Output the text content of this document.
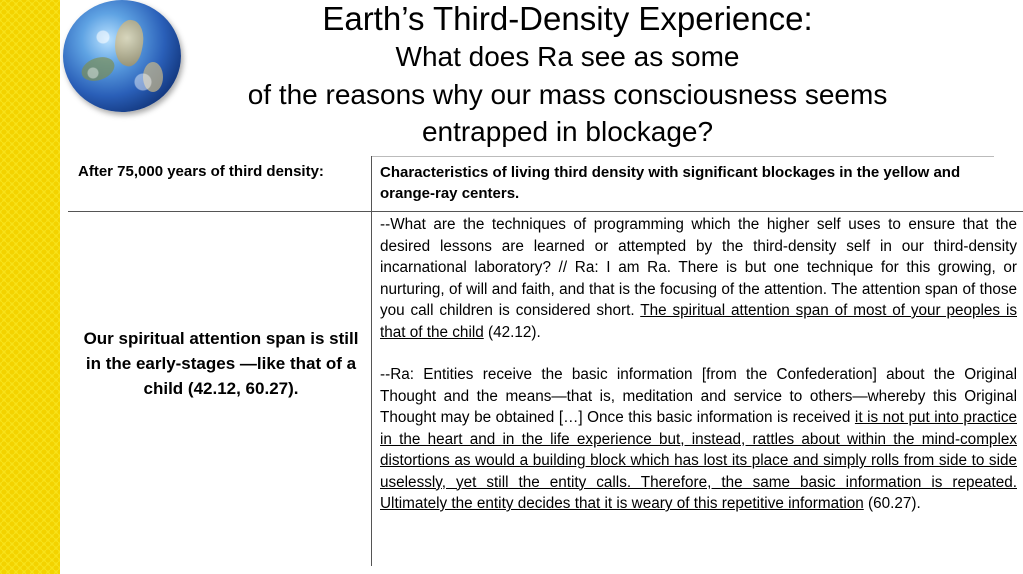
Earth’s Third-Density Experience:
What does Ra see as some
of the reasons why our mass consciousness seems
entrapped in blockage?
After 75,000 years of third density:	Characteristics of living third density with significant blockages in the yellow and orange-ray centers.
Our spiritual attention span is still in the early-stages —like that of a child (42.12, 60.27).

--What are the techniques of programming which the higher self uses to ensure that the desired lessons are learned or attempted by the third-density self in our third-density incarnational laboratory? // Ra: I am Ra. There is but one technique for this growing, or nurturing, of will and faith, and that is the focusing of the attention. The attention span of those you call children is considered short. The spiritual attention span of most of your peoples is that of the child (42.12).

--Ra: Entities receive the basic information [from the Confederation] about the Original Thought and the means—that is, meditation and service to others—whereby this Original Thought may be obtained […] Once this basic information is received it is not put into practice in the heart and in the life experience but, instead, rattles about within the mind-complex distortions as would a building block which has lost its place and simply rolls from side to side uselessly, yet still the entity calls. Therefore, the same basic information is repeated. Ultimately the entity decides that it is weary of this repetitive information (60.27).
